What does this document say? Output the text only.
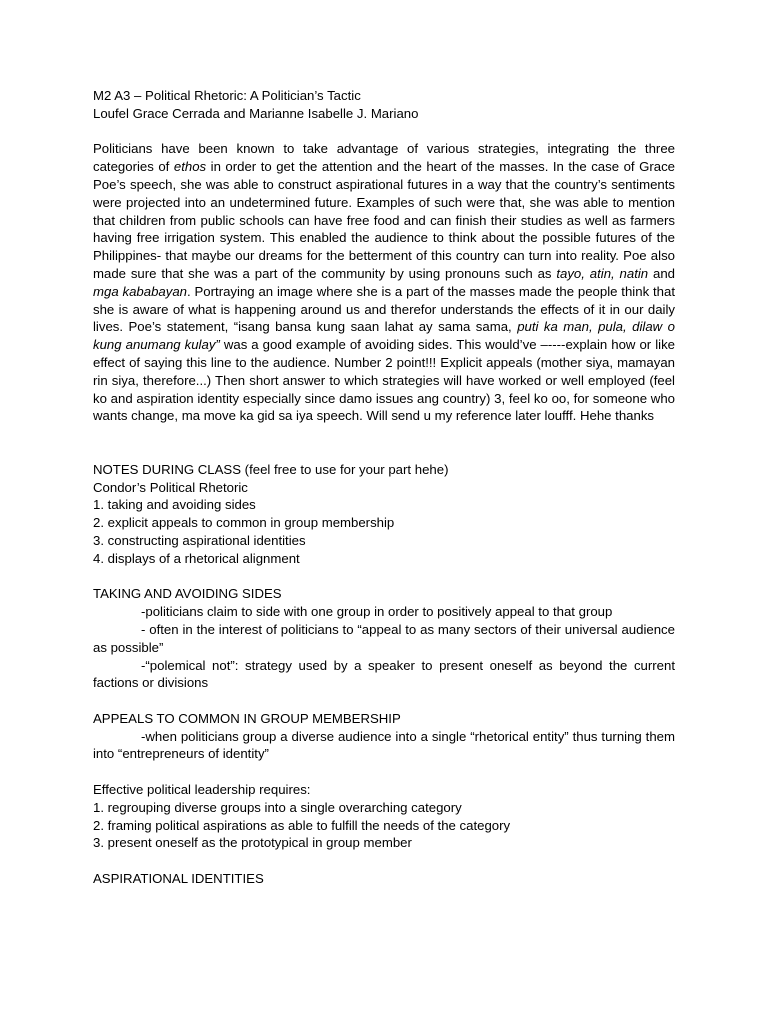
M2 A3 – Political Rhetoric: A Politician’s Tactic
Loufel Grace Cerrada and Marianne Isabelle J. Mariano

Politicians have been known to take advantage of various strategies, integrating the three categories of ethos in order to get the attention and the heart of the masses. In the case of Grace Poe’s speech, she was able to construct aspirational futures in a way that the country’s sentiments were projected into an undetermined future. Examples of such were that, she was able to mention that children from public schools can have free food and can finish their studies as well as farmers having free irrigation system. This enabled the audience to think about the possible futures of the Philippines- that maybe our dreams for the betterment of this country can turn into reality. Poe also made sure that she was a part of the community by using pronouns such as tayo, atin, natin and mga kababayan. Portraying an image where she is a part of the masses made the people think that she is aware of what is happening around us and therefor understands the effects of it in our daily lives. Poe’s statement, “isang bansa kung saan lahat ay sama sama, puti ka man, pula, dilaw o kung anumang kulay” was a good example of avoiding sides. This would’ve –----explain how or like effect of saying this line to the audience. Number 2 point!!! Explicit appeals (mother siya, mamayan rin siya, therefore...) Then short answer to which strategies will have worked or well employed (feel ko and aspiration identity especially since damo issues ang country) 3, feel ko oo, for someone who wants change, ma move ka gid sa iya speech. Will send u my reference later loufff. Hehe thanks

NOTES DURING CLASS (feel free to use for your part hehe)
Condor’s Political Rhetoric
1. taking and avoiding sides
2. explicit appeals to common in group membership
3. constructing aspirational identities
4. displays of a rhetorical alignment
TAKING AND AVOIDING SIDES
-politicians claim to side with one group in order to positively appeal to that group
- often in the interest of politicians to “appeal to as many sectors of their universal audience as possible”
-“polemical not”: strategy used by a speaker to present oneself as beyond the current factions or divisions
APPEALS TO COMMON IN GROUP MEMBERSHIP
-when politicians group a diverse audience into a single “rhetorical entity” thus turning them into “entrepreneurs of identity”
Effective political leadership requires:
1. regrouping diverse groups into a single overarching category
2. framing political aspirations as able to fulfill the needs of the category
3. present oneself as the prototypical in group member
ASPIRATIONAL IDENTITIES
